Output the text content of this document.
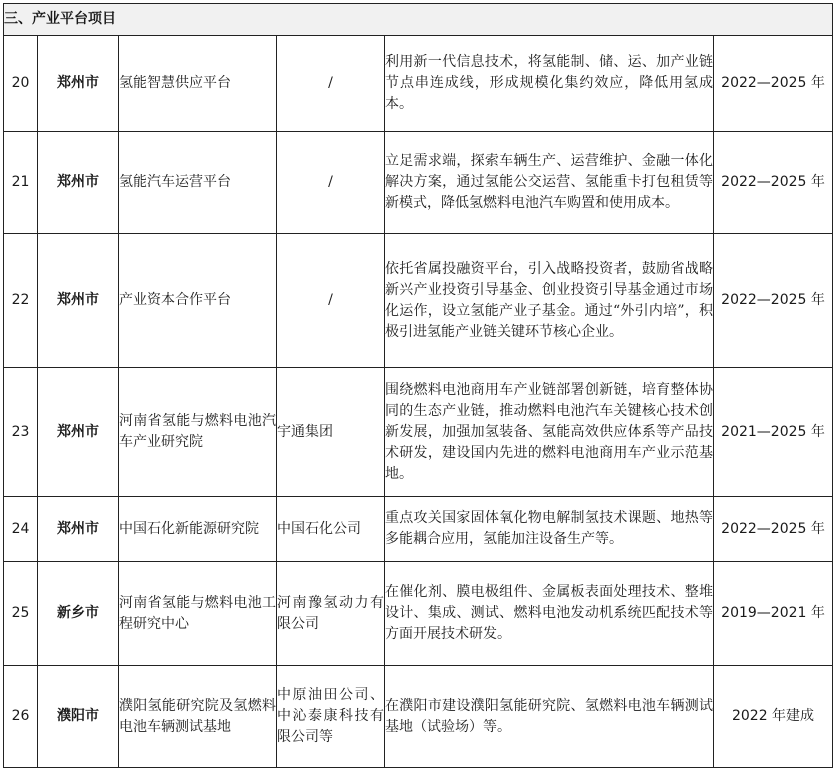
三、产业平台项目					
20	郑州市	氢能智慧供应平台	/	利用新一代信息技术，将氢能制、储、运、加产业链节点串连成线，形成规模化集约效应，降低用氢成本。	2022—2025 年
21	郑州市	氢能汽车运营平台	/	立足需求端，探索车辆生产、运营维护、金融一体化解决方案，通过氢能公交运营、氢能重卡打包租赁等新模式，降低氢燃料电池汽车购置和使用成本。	2022—2025 年
22	郑州市	产业资本合作平台	/	依托省属投融资平台，引入战略投资者，鼓励省战略新兴产业投资引导基金、创业投资引导基金通过市场化运作，设立氢能产业子基金。通过“外引内培”，积极引进氢能产业链关键环节核心企业。	2022—2025 年
23	郑州市	河南省氢能与燃料电池汽车产业研究院	宇通集团	围绕燃料电池商用车产业链部署创新链，培育整体协同的生态产业链，推动燃料电池汽车关键核心技术创新发展，加强加氢装备、氢能高效供应体系等产品技术研发，建设国内先进的燃料电池商用车产业示范基地。	2021—2025 年
24	郑州市	中国石化新能源研究院	中国石化公司	重点攻关国家固体氧化物电解制氢技术课题、地热等多能耦合应用，氢能加注设备生产等。	2022—2025 年
25	新乡市	河南省氢能与燃料电池工程研究中心	河南豫氢动力有限公司	在催化剂、膜电极组件、金属板表面处理技术、整堆设计、集成、测试、燃料电池发动机系统匹配技术等方面开展技术研发。	2019—2021 年
26	濮阳市	濮阳氢能研究院及氢燃料电池车辆测试基地	中原油田公司、中沁泰康科技有限公司等	在濮阳市建设濮阳氢能研究院、氢燃料电池车辆测试基地（试验场）等。	2022 年建成
